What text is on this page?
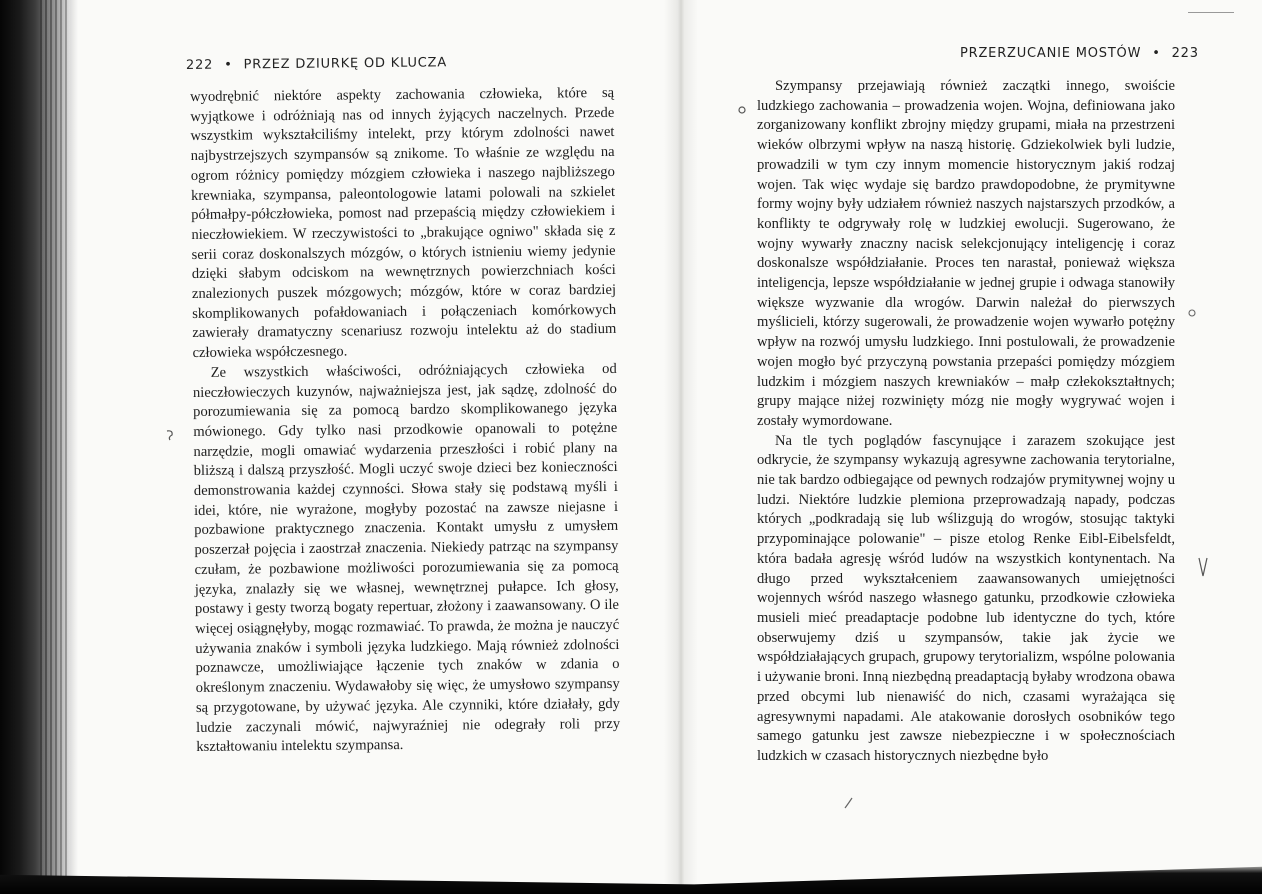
222 • PRZEZ DZIURKĘ OD KLUCZA
PRZERZUCANIE MOSTÓW • 223

wyodrębnić niektóre aspekty zachowania człowieka, które są wyjątkowe i odróżniają nas od innych żyjących naczelnych. Przede wszystkim wykształciliśmy intelekt, przy którym zdolności nawet najbystrzejszych szympansów są znikome. To właśnie ze względu na ogrom różnicy pomiędzy mózgiem człowieka i naszego najbliższego krewniaka, szympansa, paleontologowie latami polowali na szkielet półmałpy-półczłowieka, pomost nad przepaścią między człowiekiem i nieczłowiekiem. W rzeczywistości to „brakujące ogniwo" składa się z serii coraz doskonalszych mózgów, o których istnieniu wiemy jedynie dzięki słabym odciskom na wewnętrznych powierzchniach kości znalezionych puszek mózgowych; mózgów, które w coraz bardziej skomplikowanych pofałdowaniach i połączeniach komórkowych zawierały dramatyczny scenariusz rozwoju intelektu aż do stadium człowieka współczesnego.

Ze wszystkich właściwości, odróżniających człowieka od nieczłowieczych kuzynów, najważniejsza jest, jak sądzę, zdolność do porozumiewania się za pomocą bardzo skomplikowanego języka mówionego. Gdy tylko nasi przodkowie opanowali to potężne narzędzie, mogli omawiać wydarzenia przeszłości i robić plany na bliższą i dalszą przyszłość. Mogli uczyć swoje dzieci bez konieczności demonstrowania każdej czynności. Słowa stały się podstawą myśli i idei, które, nie wyrażone, mogłyby pozostać na zawsze niejasne i pozbawione praktycznego znaczenia. Kontakt umysłu z umysłem poszerzał pojęcia i zaostrzał znaczenia. Niekiedy patrząc na szympansy czułam, że pozbawione możliwości porozumiewania się za pomocą języka, znalazły się we własnej, wewnętrznej pułapce. Ich głosy, postawy i gesty tworzą bogaty repertuar, złożony i zaawansowany. O ile więcej osiągnęłyby, mogąc rozmawiać. To prawda, że można je nauczyć używania znaków i symboli języka ludzkiego. Mają również zdolności poznawcze, umożliwiające łączenie tych znaków w zdania o określonym znaczeniu. Wydawałoby się więc, że umysłowo szympansy są przygotowane, by używać języka. Ale czynniki, które działały, gdy ludzie zaczynali mówić, najwyraźniej nie odegrały roli przy kształtowaniu intelektu szympansa.

Szympansy przejawiają również zaczątki innego, swoiście ludzkiego zachowania – prowadzenia wojen. Wojna, definiowana jako zorganizowany konflikt zbrojny między grupami, miała na przestrzeni wieków olbrzymi wpływ na naszą historię. Gdziekolwiek byli ludzie, prowadzili w tym czy innym momencie historycznym jakiś rodzaj wojen. Tak więc wydaje się bardzo prawdopodobne, że prymitywne formy wojny były udziałem również naszych najstarszych przodków, a konflikty te odgrywały rolę w ludzkiej ewolucji. Sugerowano, że wojny wywarły znaczny nacisk selekcjonujący inteligencję i coraz doskonalsze współdziałanie. Proces ten narastał, ponieważ większa inteligencja, lepsze współdziałanie w jednej grupie i odwaga stanowiły większe wyzwanie dla wrogów. Darwin należał do pierwszych myślicieli, którzy sugerowali, że prowadzenie wojen wywarło potężny wpływ na rozwój umysłu ludzkiego. Inni postulowali, że prowadzenie wojen mogło być przyczyną powstania przepaści pomiędzy mózgiem ludzkim i mózgiem naszych krewniaków – małp człekokształtnych; grupy mające niżej rozwinięty mózg nie mogły wygrywać wojen i zostały wymordowane.

Na tle tych poglądów fascynujące i zarazem szokujące jest odkrycie, że szympansy wykazują agresywne zachowania terytorialne, nie tak bardzo odbiegające od pewnych rodzajów prymitywnej wojny u ludzi. Niektóre ludzkie plemiona przeprowadzają napady, podczas których „podkradają się lub wślizgują do wrogów, stosując taktyki przypominające polowanie" – pisze etolog Renke Eibl-Eibelsfeldt, która badała agresję wśród ludów na wszystkich kontynentach. Na długo przed wykształceniem zaawansowanych umiejętności wojennych wśród naszego własnego gatunku, przodkowie człowieka musieli mieć preadaptacje podobne lub identyczne do tych, które obserwujemy dziś u szympansów, takie jak życie we współdziałających grupach, grupowy terytorializm, wspólne polowania i używanie broni. Inną niezbędną preadaptacją byłaby wrodzona obawa przed obcymi lub nienawiść do nich, czasami wyrażająca się agresywnymi napadami. Ale atakowanie dorosłych osobników tego samego gatunku jest zawsze niebezpieczne i w społecznościach ludzkich w czasach historycznych niezbędne było
